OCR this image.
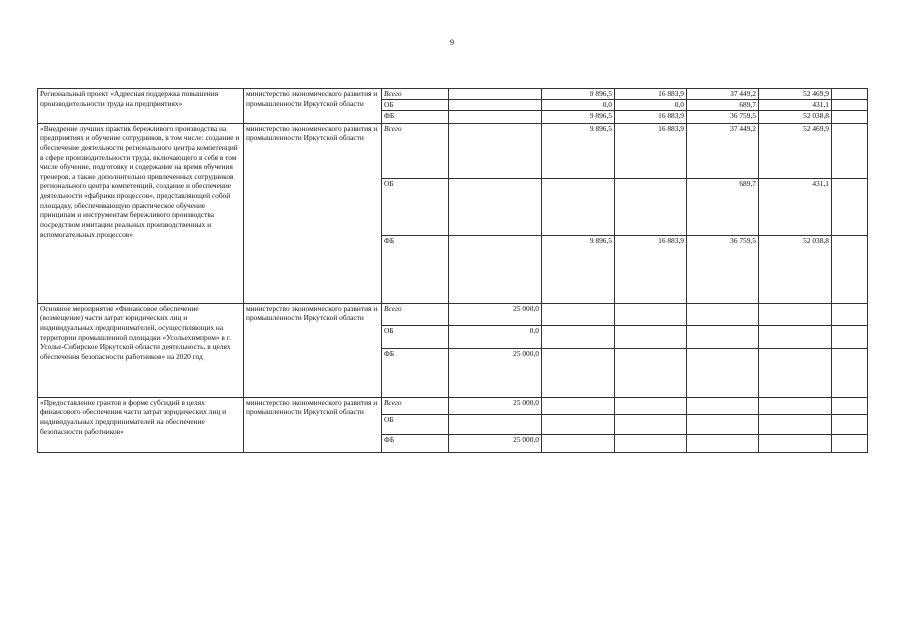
9
Региональный проект «Адресная поддержка повышения производительности труда на предприятиях»	министерство экономического развития и промышленности Иркутской области	Всего		9 896,5	16 883,9	37 449,2	52 469,9	
		ОБ		0,0	0,0	689,7	431,1	
		ФБ		9 896,5	16 883,9	36 759,5	52 038,8	
«Внедрение лучших практик бережливого производства на предприятиях и обучение сотрудников, в том числе: создание и обеспечение деятельности регионального центра компетенций в сфере производительности труда, включающего в себя в том числе обучение, подготовку и содержание на время обучения тренеров, а также дополнительно привлеченных сотрудников регионального центра компетенций, создание и обеспечение деятельности «фабрики процессов», представляющей собой площадку, обеспечивающую практическое обучение принципам и инструментам бережливого производства посредством имитации реальных производственных и вспомогательных процессов»	министерство экономического развития и промышленности Иркутской области	Всего		9 896,5	16 883,9	37 449,2	52 469,9	
		ОБ				689,7	431,1	
		ФБ		9 896,5	16 883,9	36 759,5	52 038,8	
Основное мероприятие «Финансовое обеспечение (возмещение) части затрат юридических лиц и индивидуальных предпринимателей, осуществляющих на территории промышленной площадки «Усольехимпром» в г. Усолье-Сибирское Иркутской области деятельность, в целях обеспечения безопасности работников» на 2020 год	министерство экономического развития и промышленности Иркутской области	Всего	25 000,0					
		ОБ	0,0					
		ФБ	25 000,0					
«Предоставление грантов в форме субсидий в целях финансового обеспечения части затрат юридических лиц и индивидуальных предпринимателей на обеспечение безопасности работников»	министерство экономического развития и промышленности Иркутской области	Всего	25 000,0					
		ОБ						
		ФБ	25 000,0					
